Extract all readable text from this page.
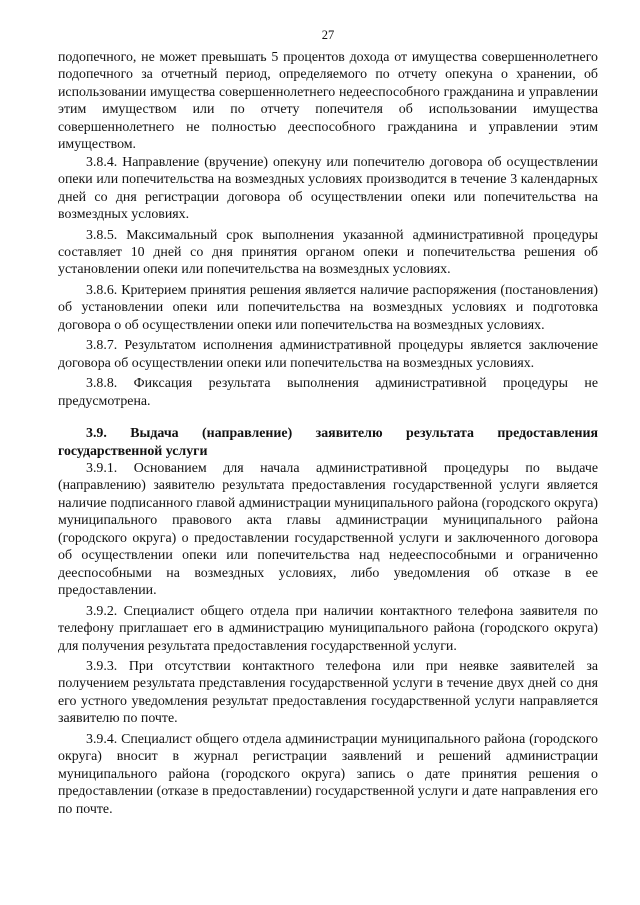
27

подопечного, не может превышать 5 процентов дохода от имущества совершеннолетнего подопечного за отчетный период, определяемого по отчету опекуна о хранении, об использовании имущества совершеннолетнего недееспособного гражданина и управлении этим имуществом или по отчету попечителя об использовании имущества совершеннолетнего не полностью дееспособного гражданина и управлении этим имуществом.

3.8.4. Направление (вручение) опекуну или попечителю договора об осуществлении опеки или попечительства на возмездных условиях производится в течение 3 календарных дней со дня регистрации договора об осуществлении опеки или попечительства на возмездных условиях.

3.8.5. Максимальный срок выполнения указанной административной процедуры составляет 10 дней со дня принятия органом опеки и попечительства решения об установлении опеки или попечительства на возмездных условиях.

3.8.6. Критерием принятия решения является наличие распоряжения (постановления) об установлении опеки или попечительства на возмездных условиях и подготовка договора о об осуществлении опеки или попечительства на возмездных условиях.

3.8.7. Результатом исполнения административной процедуры является заключение договора об осуществлении опеки или попечительства на возмездных условиях.

3.8.8. Фиксация результата выполнения административной процедуры не предусмотрена.

3.9. Выдача (направление) заявителю результата предоставления государственной услуги

3.9.1. Основанием для начала административной процедуры по выдаче (направлению) заявителю результата предоставления государственной услуги является наличие подписанного главой администрации муниципального района (городского округа) муниципального правового акта главы администрации муниципального района (городского округа) о предоставлении государственной услуги и заключенного договора об осуществлении опеки или попечительства над недееспособными и ограниченно дееспособными на возмездных условиях, либо уведомления об отказе в ее предоставлении.

3.9.2. Специалист общего отдела при наличии контактного телефона заявителя по телефону приглашает его в администрацию муниципального района (городского округа) для получения результата предоставления государственной услуги.

3.9.3. При отсутствии контактного телефона или при неявке заявителей за получением результата представления государственной услуги в течение двух дней со дня его устного уведомления результат предоставления государственной услуги направляется заявителю по почте.

3.9.4. Специалист общего отдела администрации муниципального района (городского округа) вносит в журнал регистрации заявлений и решений администрации муниципального района (городского округа) запись о дате принятия решения о предоставлении (отказе в предоставлении) государственной услуги и дате направления его по почте.
